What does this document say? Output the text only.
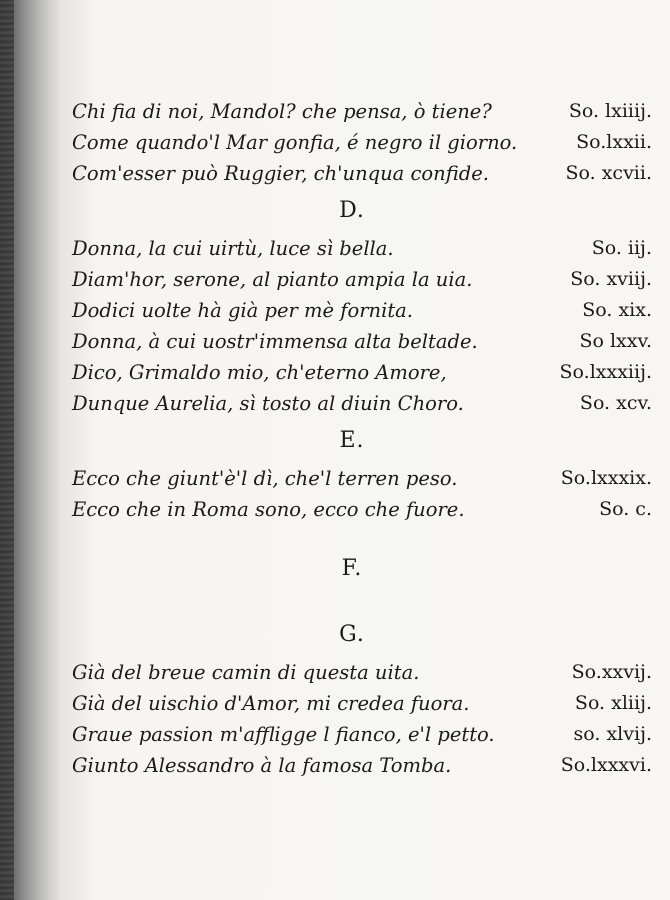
Chi fia di noi, Mandol? che pensa, ò tiene?	So. lxiiij.
Come quando'l Mar gonfia, é negro il giorno.	So.lxxii.
Com'esser può Ruggier, ch'unqua confide.	So. xcvii.
D.
Donna, la cui uirtù, luce sì bella.	So. iij.
Diam'hor, serone, al pianto ampia la uia.	So. xviij.
Dodici uolte hà già per mè fornita.	So. xix.
Donna, à cui uostr'immensa alta beltade.	So lxxv.
Dico, Grimaldo mio, ch'eterno Amore,	So.lxxxiij.
Dunque Aurelia, sì tosto al diuin Choro.	So. xcv.
E.
Ecco che giunt'è'l dì, che'l terren peso.	So.lxxxix.
Ecco che in Roma sono, ecco che fuore.	So. c.
F.
G.
Già del breue camin di questa uita.	So.xxvij.
Già del uischio d'Amor, mi credea fuora.	So. xliij.
Graue passion m'affligge l fianco, e'l petto.	so. xlvij.
Giunto Alessandro à la famosa Tomba.	So.lxxxvi.
